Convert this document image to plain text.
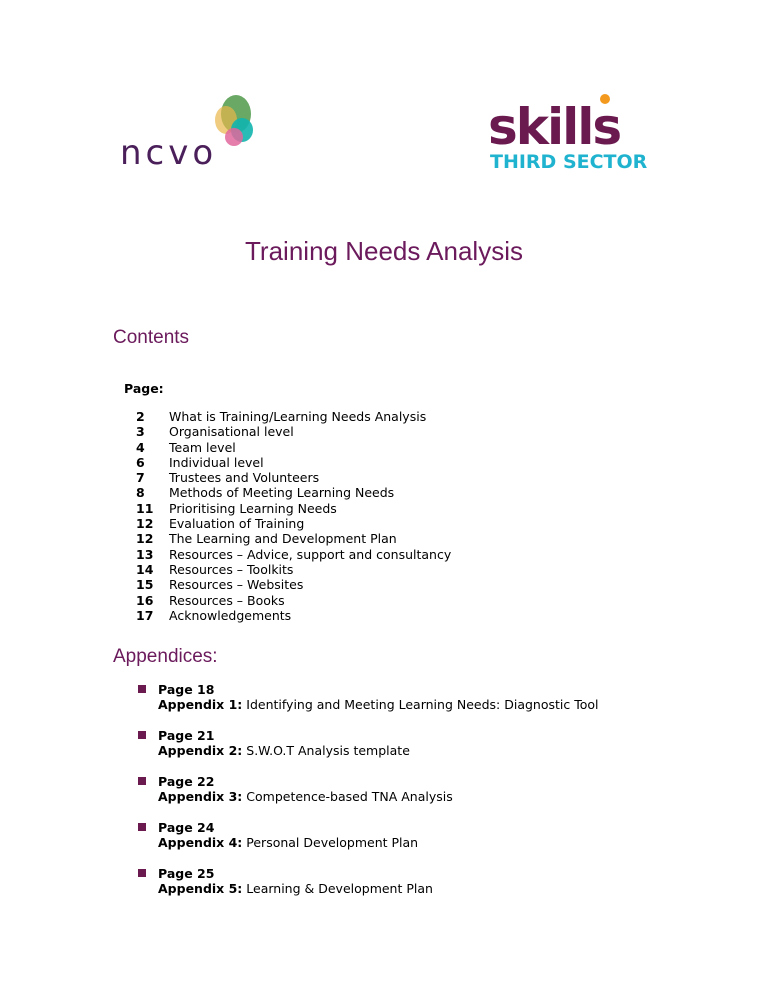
ncvo	skills
THIRD SECTOR
Training Needs Analysis
Contents
Page:
2	What is Training/Learning Needs Analysis
3	Organisational level
4	Team level
6	Individual level
7	Trustees and Volunteers
8	Methods of Meeting Learning Needs
11	Prioritising Learning Needs
12	Evaluation of Training
12	The Learning and Development Plan
13	Resources – Advice, support and consultancy
14	Resources – Toolkits
15	Resources – Websites
16	Resources – Books
17	Acknowledgements
Appendices:
Page 18
Appendix 1: Identifying and Meeting Learning Needs: Diagnostic Tool
Page 21
Appendix 2: S.W.O.T Analysis template
Page 22
Appendix 3: Competence-based TNA Analysis
Page 24
Appendix 4: Personal Development Plan
Page 25
Appendix 5: Learning & Development Plan
